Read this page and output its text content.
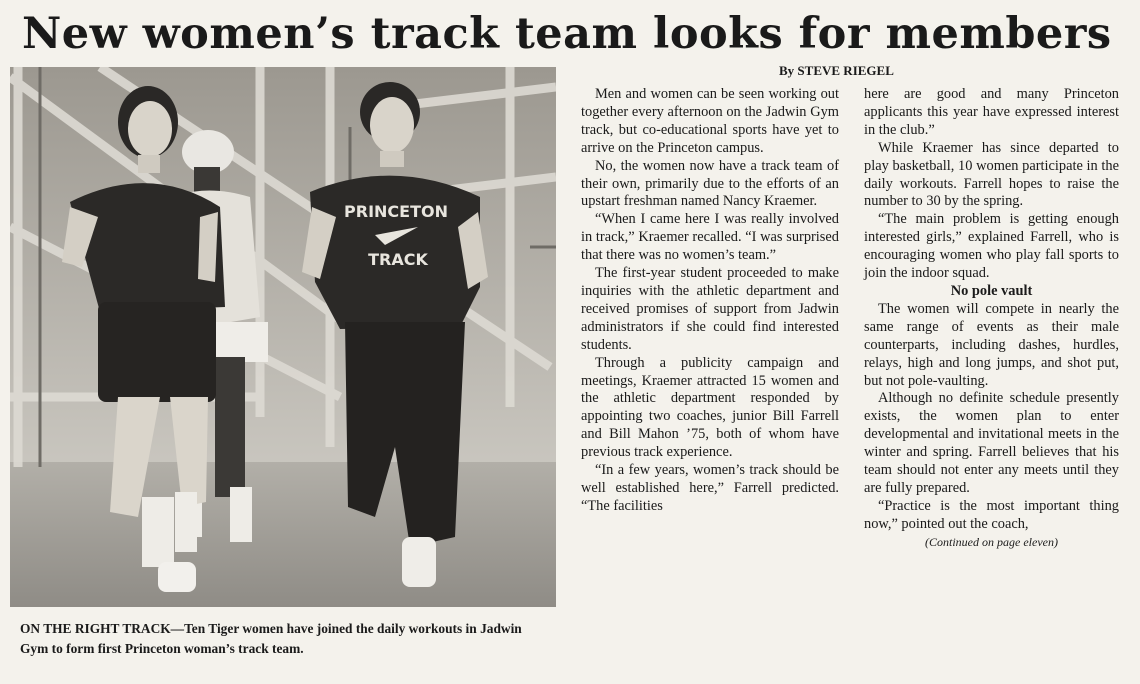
New women’s track team looks for members
By STEVE RIEGEL
PRINCETON
TRACK
ON THE RIGHT TRACK—Ten Tiger women have joined the daily workouts in Jadwin Gym to form first Princeton woman’s track team.

Men and women can be seen working out together every afternoon on the Jadwin Gym track, but co-educational sports have yet to arrive on the Princeton campus.

No, the women now have a track team of their own, primarily due to the efforts of an upstart freshman named Nancy Kraemer.

“When I came here I was really involved in track,” Kraemer recalled. “I was surprised that there was no women’s team.”

The first-year student proceeded to make inquiries with the athletic department and received promises of support from Jadwin administrators if she could find interested students.

Through a publicity campaign and meetings, Kraemer attracted 15 women and the athletic department responded by appointing two coaches, junior Bill Farrell and Bill Mahon ’75, both of whom have previous track experience.

“In a few years, women’s track should be well established here,” Farrell predicted. “The facilities

here are good and many Princeton applicants this year have expressed interest in the club.”

While Kraemer has since departed to play basketball, 10 women participate in the daily workouts. Farrell hopes to raise the number to 30 by the spring.

“The main problem is getting enough interested girls,” explained Farrell, who is encouraging women who play fall sports to join the indoor squad.

No pole vault

The women will compete in nearly the same range of events as their male counterparts, including dashes, hurdles, relays, high and long jumps, and shot put, but not pole-vaulting.

Although no definite schedule presently exists, the women plan to enter developmental and invitational meets in the winter and spring. Farrell believes that his team should not enter any meets until they are fully prepared.

“Practice is the most important thing now,” pointed out the coach,

(Continued on page eleven)
